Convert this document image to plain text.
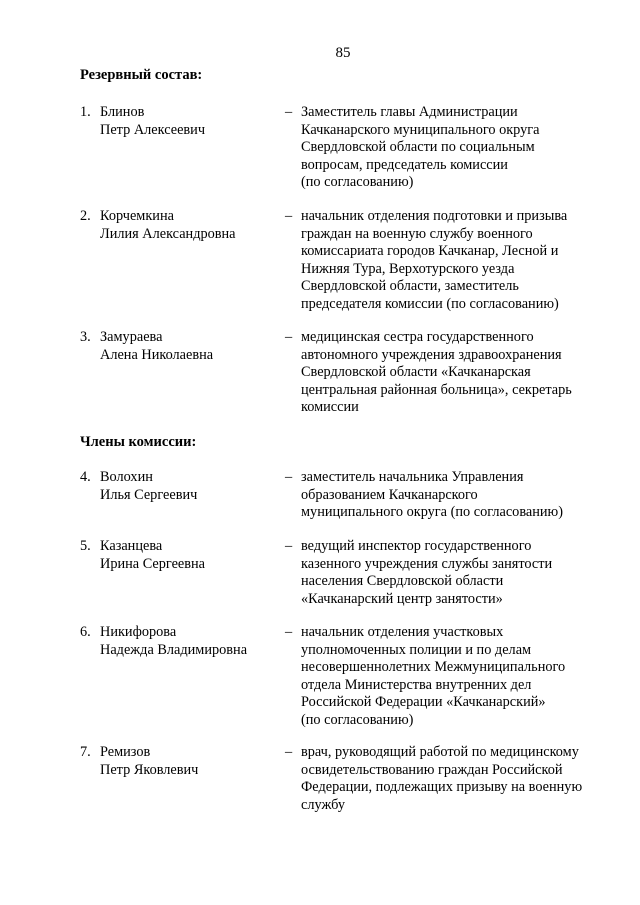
85
Резервный состав:
1. Блинов
Петр Алексеевич
– Заместитель главы Администрации
Качканарского муниципального округа
Свердловской области по социальным
вопросам, председатель комиссии
(по согласованию)
2. Корчемкина
Лилия Александровна
– начальник отделения подготовки и призыва
граждан на военную службу военного
комиссариата городов Качканар, Лесной и
Нижняя Тура, Верхотурского уезда
Свердловской области, заместитель
председателя комиссии (по согласованию)
3. Замураева
Алена Николаевна
– медицинская сестра государственного
автономного учреждения здравоохранения
Свердловской области «Качканарская
центральная районная больница», секретарь
комиссии
Члены комиссии:
4. Волохин
Илья Сергеевич
– заместитель начальника Управления
образованием Качканарского
муниципального округа (по согласованию)
5. Казанцева
Ирина Сергеевна
– ведущий инспектор государственного
казенного учреждения службы занятости
населения Свердловской области
«Качканарский центр занятости»
6. Никифорова
Надежда Владимировна
– начальник отделения участковых
уполномоченных полиции и по делам
несовершеннолетних Межмуниципального
отдела Министерства внутренних дел
Российской Федерации «Качканарский»
(по согласованию)
7. Ремизов
Петр Яковлевич
– врач, руководящий работой по медицинскому
освидетельствованию граждан Российской
Федерации, подлежащих призыву на военную
службу
